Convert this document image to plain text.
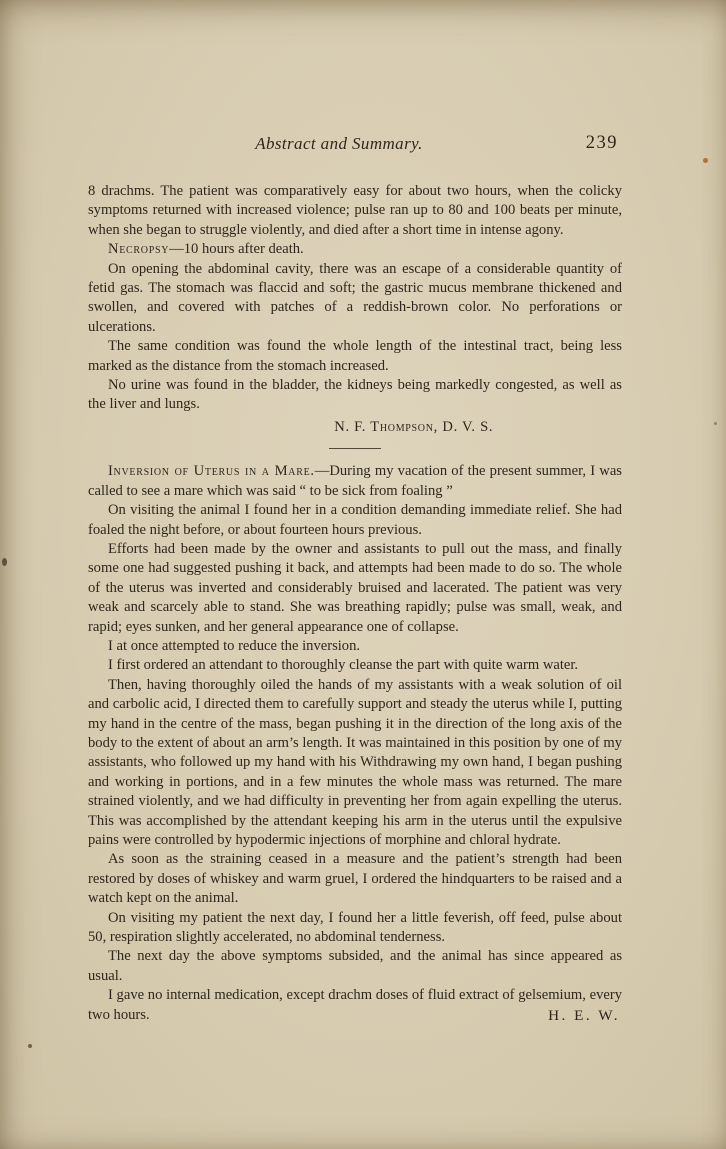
Abstract and Summary.	239

8 drachms. The patient was comparatively easy for about two hours, when the colicky symptoms returned with increased violence; pulse ran up to 80 and 100 beats per minute, when she began to struggle violently, and died after a short time in intense agony.

Necropsy—10 hours after death.

On opening the abdominal cavity, there was an escape of a considerable quantity of fetid gas. The stomach was flaccid and soft; the gastric mucus membrane thickened and swollen, and covered with patches of a reddish-brown color. No perforations or ulcerations.

The same condition was found the whole length of the intestinal tract, being less marked as the distance from the stomach increased.

No urine was found in the bladder, the kidneys being markedly congested, as well as the liver and lungs.

N. F. Thompson, D. V. S.

Inversion of Uterus in a Mare.—During my vacation of the present summer, I was called to see a mare which was said “ to be sick from foaling ”

On visiting the animal I found her in a condition demanding immediate relief. She had foaled the night before, or about fourteen hours previous.

Efforts had been made by the owner and assistants to pull out the mass, and finally some one had suggested pushing it back, and attempts had been made to do so. The whole of the uterus was inverted and considerably bruised and lacerated. The patient was very weak and scarcely able to stand. She was breathing rapidly; pulse was small, weak, and rapid; eyes sunken, and her general appearance one of collapse.

I at once attempted to reduce the inversion.

I first ordered an attendant to thoroughly cleanse the part with quite warm water.

Then, having thoroughly oiled the hands of my assistants with a weak solution of oil and carbolic acid, I directed them to carefully support and steady the uterus while I, putting my hand in the centre of the mass, began pushing it in the direction of the long axis of the body to the extent of about an arm’s length. It was maintained in this position by one of my assistants, who followed up my hand with his Withdrawing my own hand, I began pushing and working in portions, and in a few minutes the whole mass was returned. The mare strained violently, and we had difficulty in preventing her from again expelling the uterus. This was accomplished by the attendant keeping his arm in the uterus until the expulsive pains were controlled by hypodermic injections of morphine and chloral hydrate.

As soon as the straining ceased in a measure and the patient’s strength had been restored by doses of whiskey and warm gruel, I ordered the hindquarters to be raised and a watch kept on the animal.

On visiting my patient the next day, I found her a little feverish, off feed, pulse about 50, respiration slightly accelerated, no abdominal tenderness.

The next day the above symptoms subsided, and the animal has since appeared as usual.

I gave no internal medication, except drachm doses of fluid extract of gelsemium, every two hours.	H. E. W.
